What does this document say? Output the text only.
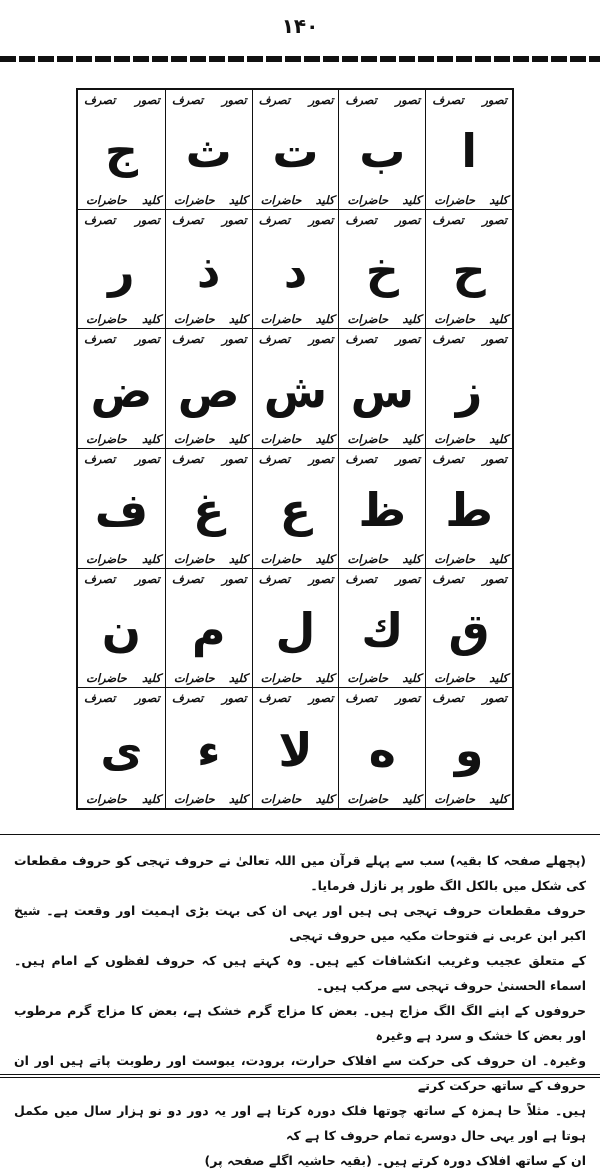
۱۴۰
تصور
تصرف
کلید
حاضرات
ا
تصور
تصرف
کلید
حاضرات
ب
تصور
تصرف
کلید
حاضرات
ت
تصور
تصرف
کلید
حاضرات
ث
تصور
تصرف
کلید
حاضرات
ج
تصور
تصرف
کلید
حاضرات
ح
تصور
تصرف
کلید
حاضرات
خ
تصور
تصرف
کلید
حاضرات
د
تصور
تصرف
کلید
حاضرات
ذ
تصور
تصرف
کلید
حاضرات
ر
تصور
تصرف
کلید
حاضرات
ز
تصور
تصرف
کلید
حاضرات
س
تصور
تصرف
کلید
حاضرات
ش
تصور
تصرف
کلید
حاضرات
ص
تصور
تصرف
کلید
حاضرات
ض
تصور
تصرف
کلید
حاضرات
ط
تصور
تصرف
کلید
حاضرات
ظ
تصور
تصرف
کلید
حاضرات
ع
تصور
تصرف
کلید
حاضرات
غ
تصور
تصرف
کلید
حاضرات
ف
تصور
تصرف
کلید
حاضرات
ق
تصور
تصرف
کلید
حاضرات
ك
تصور
تصرف
کلید
حاضرات
ل
تصور
تصرف
کلید
حاضرات
م
تصور
تصرف
کلید
حاضرات
ن
تصور
تصرف
کلید
حاضرات
و
تصور
تصرف
کلید
حاضرات
ه
تصور
تصرف
کلید
حاضرات
لا
تصور
تصرف
کلید
حاضرات
ء
تصور
تصرف
کلید
حاضرات
ى

(پچھلے صفحہ کا بقیہ) سب سے پہلے قرآن میں اللہ تعالیٰ نے حروف تہجی کو حروف مقطعات کی شکل میں بالکل الگ طور پر نازل فرمایا۔

حروف مقطعات حروف تہجی ہی ہیں اور یہی ان کی بہت بڑی اہمیت اور وقعت ہے۔ شیخ اکبر ابن عربی نے فتوحات مکیہ میں حروف تہجی

کے متعلق عجیب وغریب انکشافات کیے ہیں۔ وہ کہتے ہیں کہ حروف لفظوں کے امام ہیں۔ اسماء الحسنیٰ حروف تہجی سے مرکب ہیں۔

حروفوں کے اپنے الگ الگ مزاج ہیں۔ بعض کا مزاج گرم خشک ہے، بعض کا مزاج گرم مرطوب اور بعض کا خشک و سرد ہے وغیرہ

وغیرہ۔ ان حروف کی حرکت سے افلاک حرارت، برودت، یبوست اور رطوبت پاتے ہیں اور ان حروف کے ساتھ حرکت کرتے

ہیں۔ مثلاً حا ہمزہ کے ساتھ چوتھا فلک دورہ کرتا ہے اور یہ دور دو نو ہزار سال میں مکمل ہوتا ہے اور یہی حال دوسرے تمام حروف کا ہے کہ

ان کے ساتھ افلاک دورہ کرتے ہیں۔ (بقیہ حاشیہ اگلے صفحہ پر)
